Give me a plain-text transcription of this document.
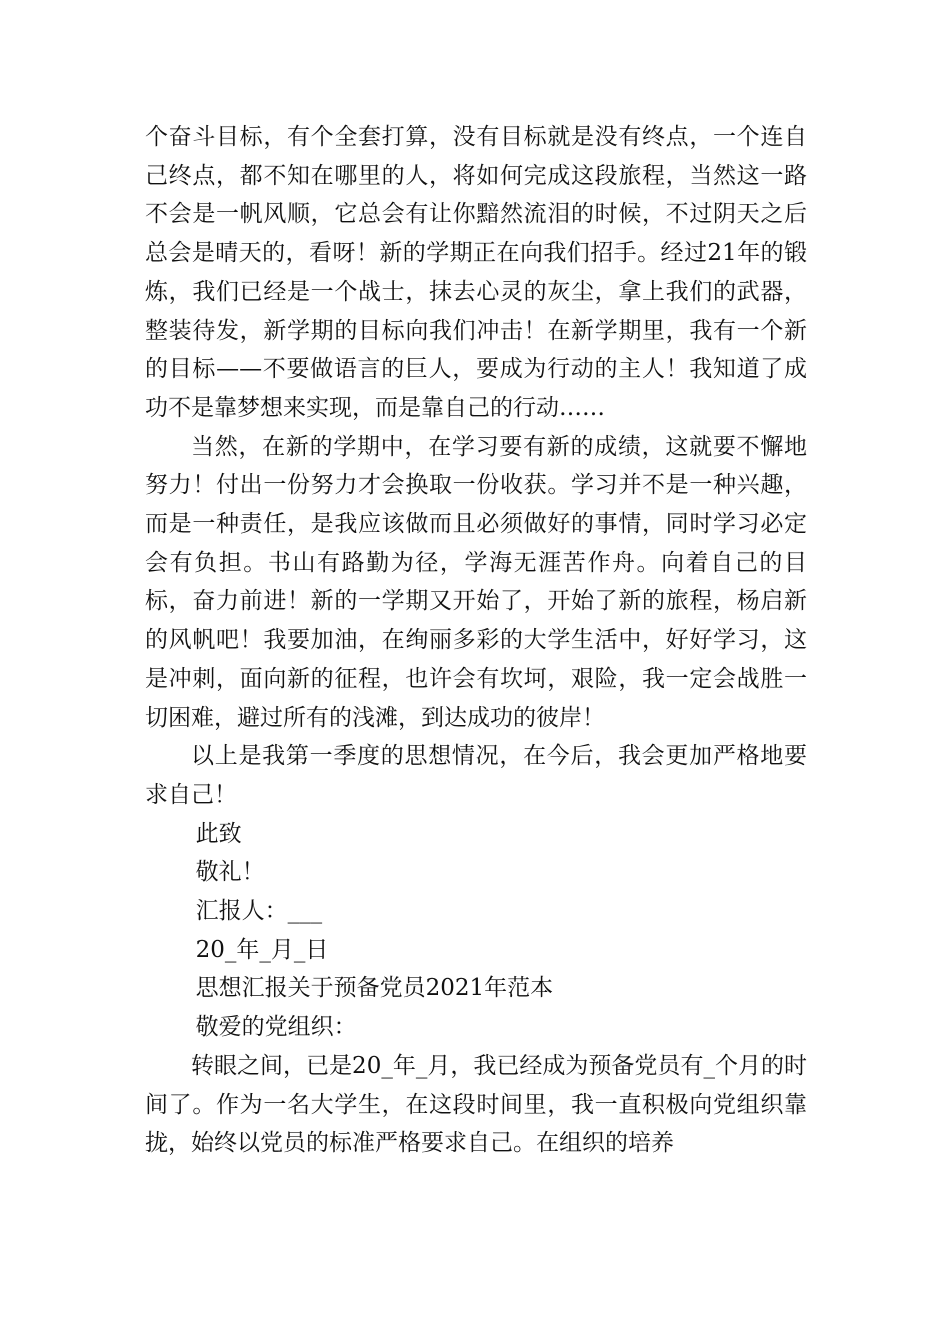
个奋斗目标，有个全套打算，没有目标就是没有终点，一个连自己终点，都不知在哪里的人，将如何完成这段旅程，当然这一路不会是一帆风顺，它总会有让你黯然流泪的时候，不过阴天之后总会是晴天的，看呀！新的学期正在向我们招手。经过21年的锻炼，我们已经是一个战士，抹去心灵的灰尘，拿上我们的武器，整装待发，新学期的目标向我们冲击！在新学期里，我有一个新的目标——不要做语言的巨人，要成为行动的主人！我知道了成功不是靠梦想来实现，而是靠自己的行动……

当然，在新的学期中，在学习要有新的成绩，这就要不懈地努力！付出一份努力才会换取一份收获。学习并不是一种兴趣，而是一种责任，是我应该做而且必须做好的事情，同时学习必定会有负担。书山有路勤为径，学海无涯苦作舟。向着自己的目标，奋力前进！新的一学期又开始了，开始了新的旅程，杨启新的风帆吧！我要加油，在绚丽多彩的大学生活中，好好学习，这是冲刺，面向新的征程，也许会有坎坷，艰险，我一定会战胜一切困难，避过所有的浅滩，到达成功的彼岸！

以上是我第一季度的思想情况，在今后，我会更加严格地要求自己！

此致

敬礼！

汇报人：___

20_年_月_日

思想汇报关于预备党员2021年范本

敬爱的党组织：

转眼之间，已是20_年_月，我已经成为预备党员有_个月的时间了。作为一名大学生，在这段时间里，我一直积极向党组织靠拢，始终以党员的标准严格要求自己。在组织的培养
